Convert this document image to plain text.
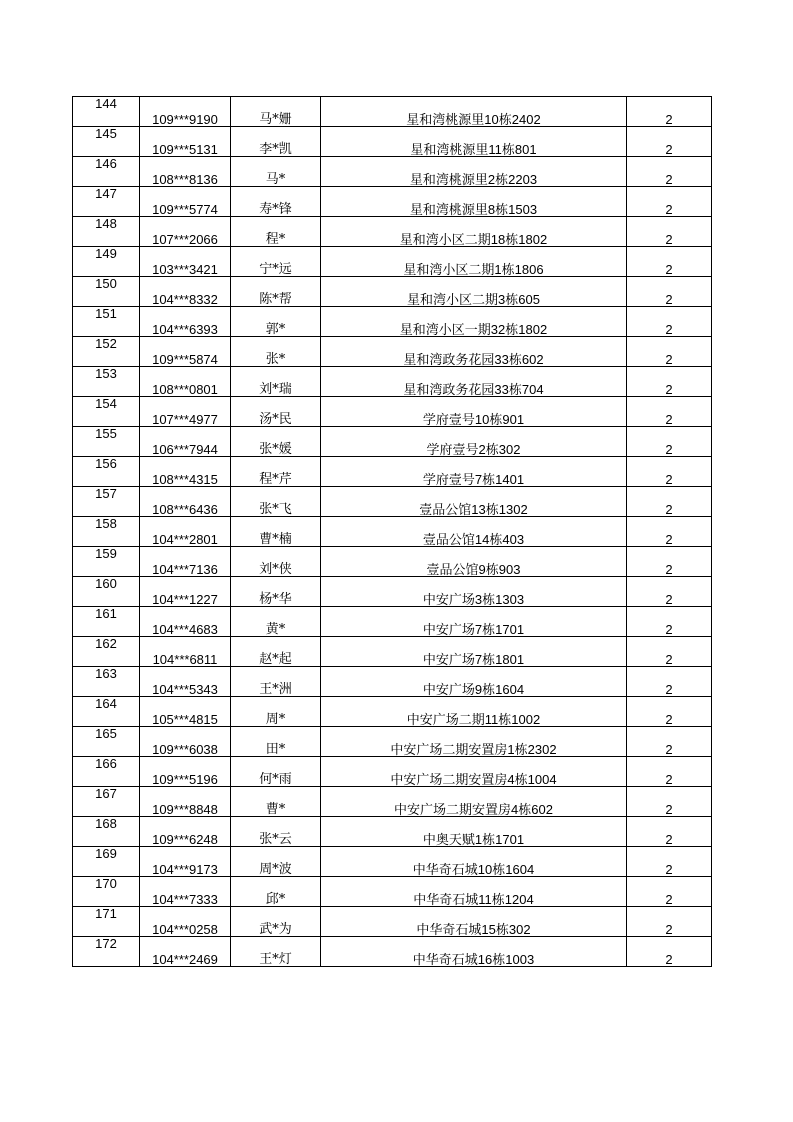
144	109***9190	马*姗	星和湾桃源里10栋2402	2
145	109***5131	李*凯	星和湾桃源里11栋801	2
146	108***8136	马*	星和湾桃源里2栋2203	2
147	109***5774	寿*锋	星和湾桃源里8栋1503	2
148	107***2066	程*	星和湾小区二期18栋1802	2
149	103***3421	宁*远	星和湾小区二期1栋1806	2
150	104***8332	陈*帮	星和湾小区二期3栋605	2
151	104***6393	郭*	星和湾小区一期32栋1802	2
152	109***5874	张*	星和湾政务花园33栋602	2
153	108***0801	刘*瑞	星和湾政务花园33栋704	2
154	107***4977	汤*民	学府壹号10栋901	2
155	106***7944	张*媛	学府壹号2栋302	2
156	108***4315	程*芹	学府壹号7栋1401	2
157	108***6436	张*飞	壹品公馆13栋1302	2
158	104***2801	曹*楠	壹品公馆14栋403	2
159	104***7136	刘*侠	壹品公馆9栋903	2
160	104***1227	杨*华	中安广场3栋1303	2
161	104***4683	黄*	中安广场7栋1701	2
162	104***6811	赵*起	中安广场7栋1801	2
163	104***5343	王*洲	中安广场9栋1604	2
164	105***4815	周*	中安广场二期11栋1002	2
165	109***6038	田*	中安广场二期安置房1栋2302	2
166	109***5196	何*雨	中安广场二期安置房4栋1004	2
167	109***8848	曹*	中安广场二期安置房4栋602	2
168	109***6248	张*云	中奥天赋1栋1701	2
169	104***9173	周*波	中华奇石城10栋1604	2
170	104***7333	邱*	中华奇石城11栋1204	2
171	104***0258	武*为	中华奇石城15栋302	2
172	104***2469	王*灯	中华奇石城16栋1003	2
